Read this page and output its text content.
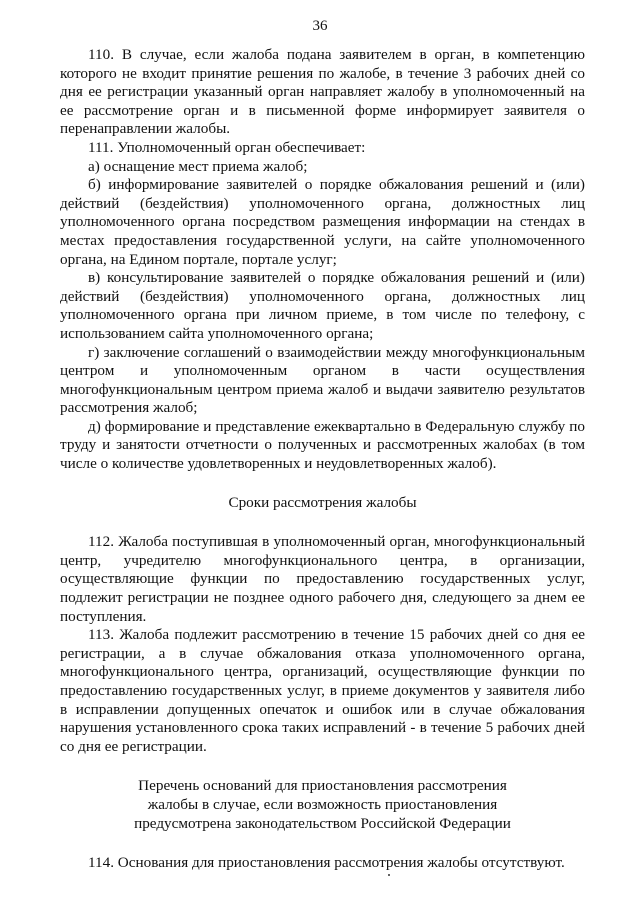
36

110. В случае, если жалоба подана заявителем в орган, в компетенцию которого не входит принятие решения по жалобе, в течение 3 рабочих дней со дня ее регистрации указанный орган направляет жалобу в уполномоченный на ее рассмотрение орган и в письменной форме информирует заявителя о перенаправлении жалобы.

111. Уполномоченный орган обеспечивает:

а) оснащение мест приема жалоб;

б) информирование заявителей о порядке обжалования решений и (или) действий (бездействия) уполномоченного органа, должностных лиц уполномоченного органа посредством размещения информации на стендах в местах предоставления государственной услуги, на сайте уполномоченного органа, на Едином портале, портале услуг;

в) консультирование заявителей о порядке обжалования решений и (или) действий (бездействия) уполномоченного органа, должностных лиц уполномоченного органа при личном приеме, в том числе по телефону, с использованием сайта уполномоченного органа;

г) заключение соглашений о взаимодействии между многофункциональным центром и уполномоченным органом в части осуществления многофункциональным центром приема жалоб и выдачи заявителю результатов рассмотрения жалоб;

д) формирование и представление ежеквартально в Федеральную службу по труду и занятости отчетности о полученных и рассмотренных жалобах (в том числе о количестве удовлетворенных и неудовлетворенных жалоб).

Сроки рассмотрения жалобы

112. Жалоба поступившая в уполномоченный орган, многофункциональный центр, учредителю многофункционального центра, в организации, осуществляющие функции по предоставлению государственных услуг, подлежит регистрации не позднее одного рабочего дня, следующего за днем ее поступления.

113. Жалоба подлежит рассмотрению в течение 15 рабочих дней со дня ее регистрации, а в случае обжалования отказа уполномоченного органа, многофункционального центра, организаций, осуществляющие функции по предоставлению государственных услуг, в приеме документов у заявителя либо в исправлении допущенных опечаток и ошибок или в случае обжалования нарушения установленного срока таких исправлений - в течение 5 рабочих дней со дня ее регистрации.

Перечень оснований для приостановления рассмотрения
жалобы в случае, если возможность приостановления
предусмотрена законодательством Российской Федерации

114. Основания для приостановления рассмотрения жалобы отсутствуют.
